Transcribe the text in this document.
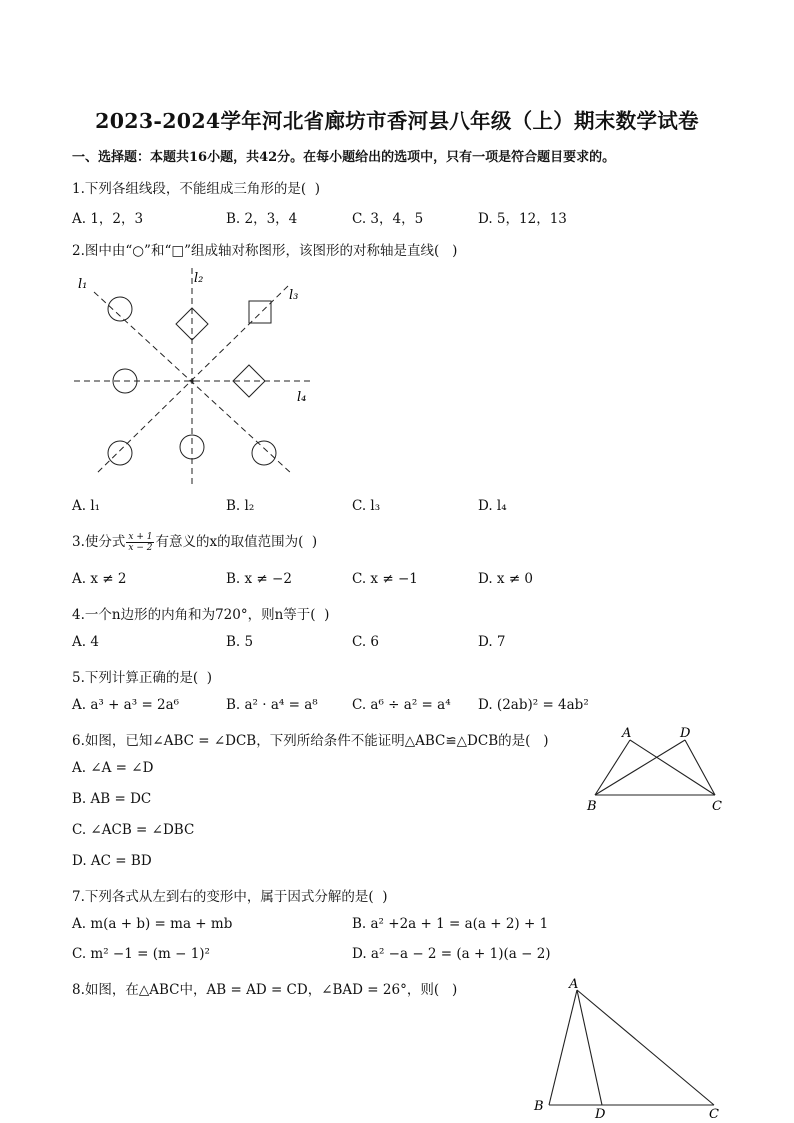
2023-2024学年河北省廊坊市香河县八年级（上）期末数学试卷
一、选择题：本题共16小题，共42分。在每小题给出的选项中，只有一项是符合题目要求的。
1.下列各组线段，不能组成三角形的是(  )
A. 1，2，3	B. 2，3，4	C. 3，4，5	D. 5，12，13
2.图中由“○”和“□”组成轴对称图形，该图形的对称轴是直线(   )
l₁	l₂
l₃
l₄
A. l₁	B. l₂	C. l₃	D. l₄
3.使分式 $\frac{x + 1}{x - 2}$ 有意义的x的取值范围为(  )
A. x ≠ 2	B. x ≠ −2	C. x ≠ −1	D. x ≠ 0
4.一个n边形的内角和为720°，则n等于(  )
A. 4	B. 5	C. 6	D. 7
5.下列计算正确的是(  )
A. a³ + a³ = 2a⁶	B. a² · a⁴ = a⁸	C. a⁶ ÷ a² = a⁴ D. (2ab)² = 4ab²
6.如图，已知∠ABC = ∠DCB，下列所给条件不能证明△ABC≌△DCB的是(   )	A	D
B	C
A. ∠A = ∠D
B. AB = DC
C. ∠ACB = ∠DBC
D. AC = BD
7.下列各式从左到右的变形中，属于因式分解的是(  )
A. m(a + b) = ma + mb	B. a² +2a + 1 = a(a + 2) + 1
C. m² −1 = (m − 1)²	D. a² −a − 2 = (a + 1)(a − 2)
8.如图，在△ABC中，AB = AD = CD，∠BAD = 26°，则(   )	A
B
D	C
